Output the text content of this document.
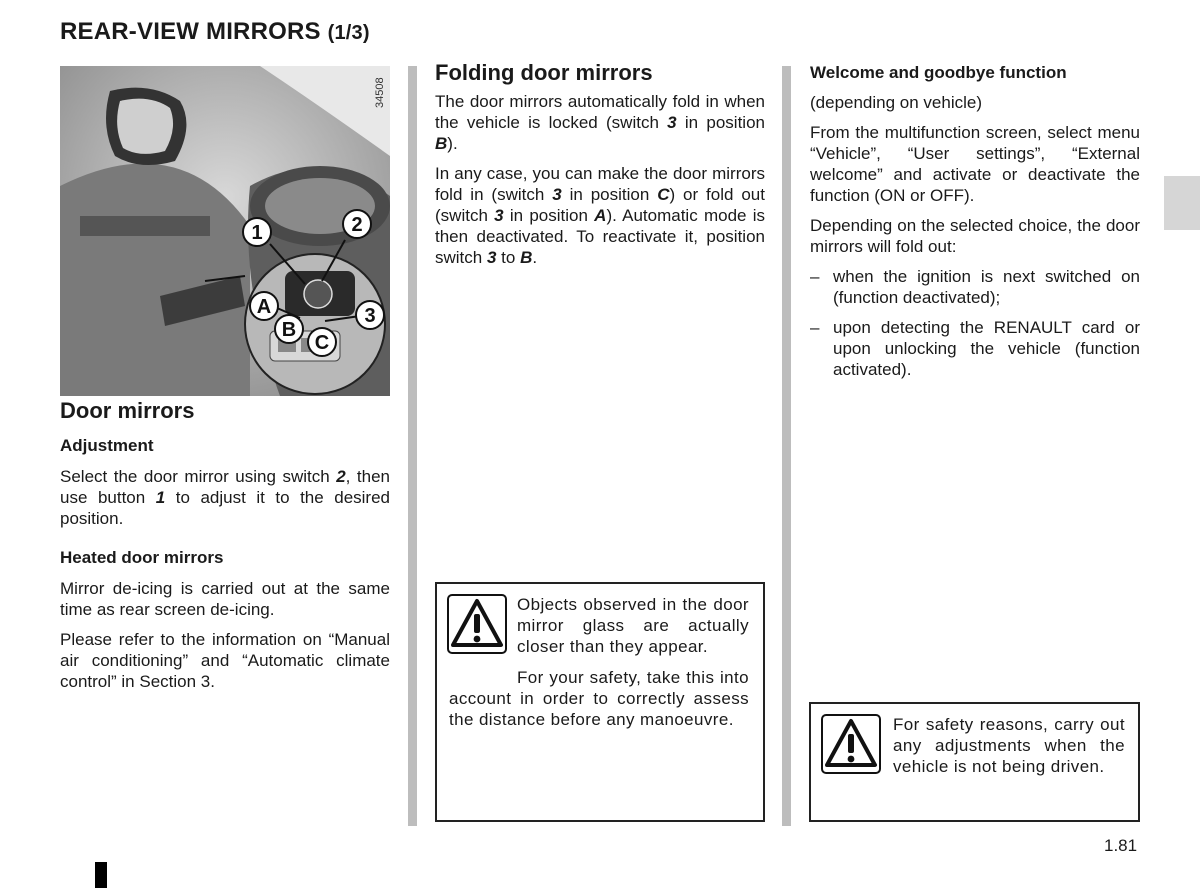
REAR-VIEW MIRRORS (1/3)
1	2
3
A
B
C
34508
Door mirrors
Adjustment

Select the door mirror using switch 2, then use button 1 to adjust it to the desired position.

Heated door mirrors

Mirror de-icing is carried out at the same time as rear screen de-icing.

Please refer to the information on “Manual air conditioning” and “Automatic climate control” in Section 3.

Folding door mirrors

The door mirrors automatically fold in when the vehicle is locked (switch 3 in position B).

In any case, you can make the door mirrors fold in (switch 3 in position C) or fold out (switch 3 in position A). Automatic mode is then deactivated. To reactivate it, position switch 3 to B.

Objects observed in the door mirror glass are actually closer than they appear.

For your safety, take this into account in order to correctly assess the distance before any manoeuvre.

Welcome and goodbye function

(depending on vehicle)

From the multifunction screen, select menu “Vehicle”, “User settings”, “External welcome” and activate or deactivate the function (ON or OFF).

Depending on the selected choice, the door mirrors will fold out:

– when the ignition is next switched on (function deactivated);
– upon detecting the RENAULT card or upon unlocking the vehicle (function activated).

For safety reasons, carry out any adjustments when the vehicle is not being driven.

1.81
